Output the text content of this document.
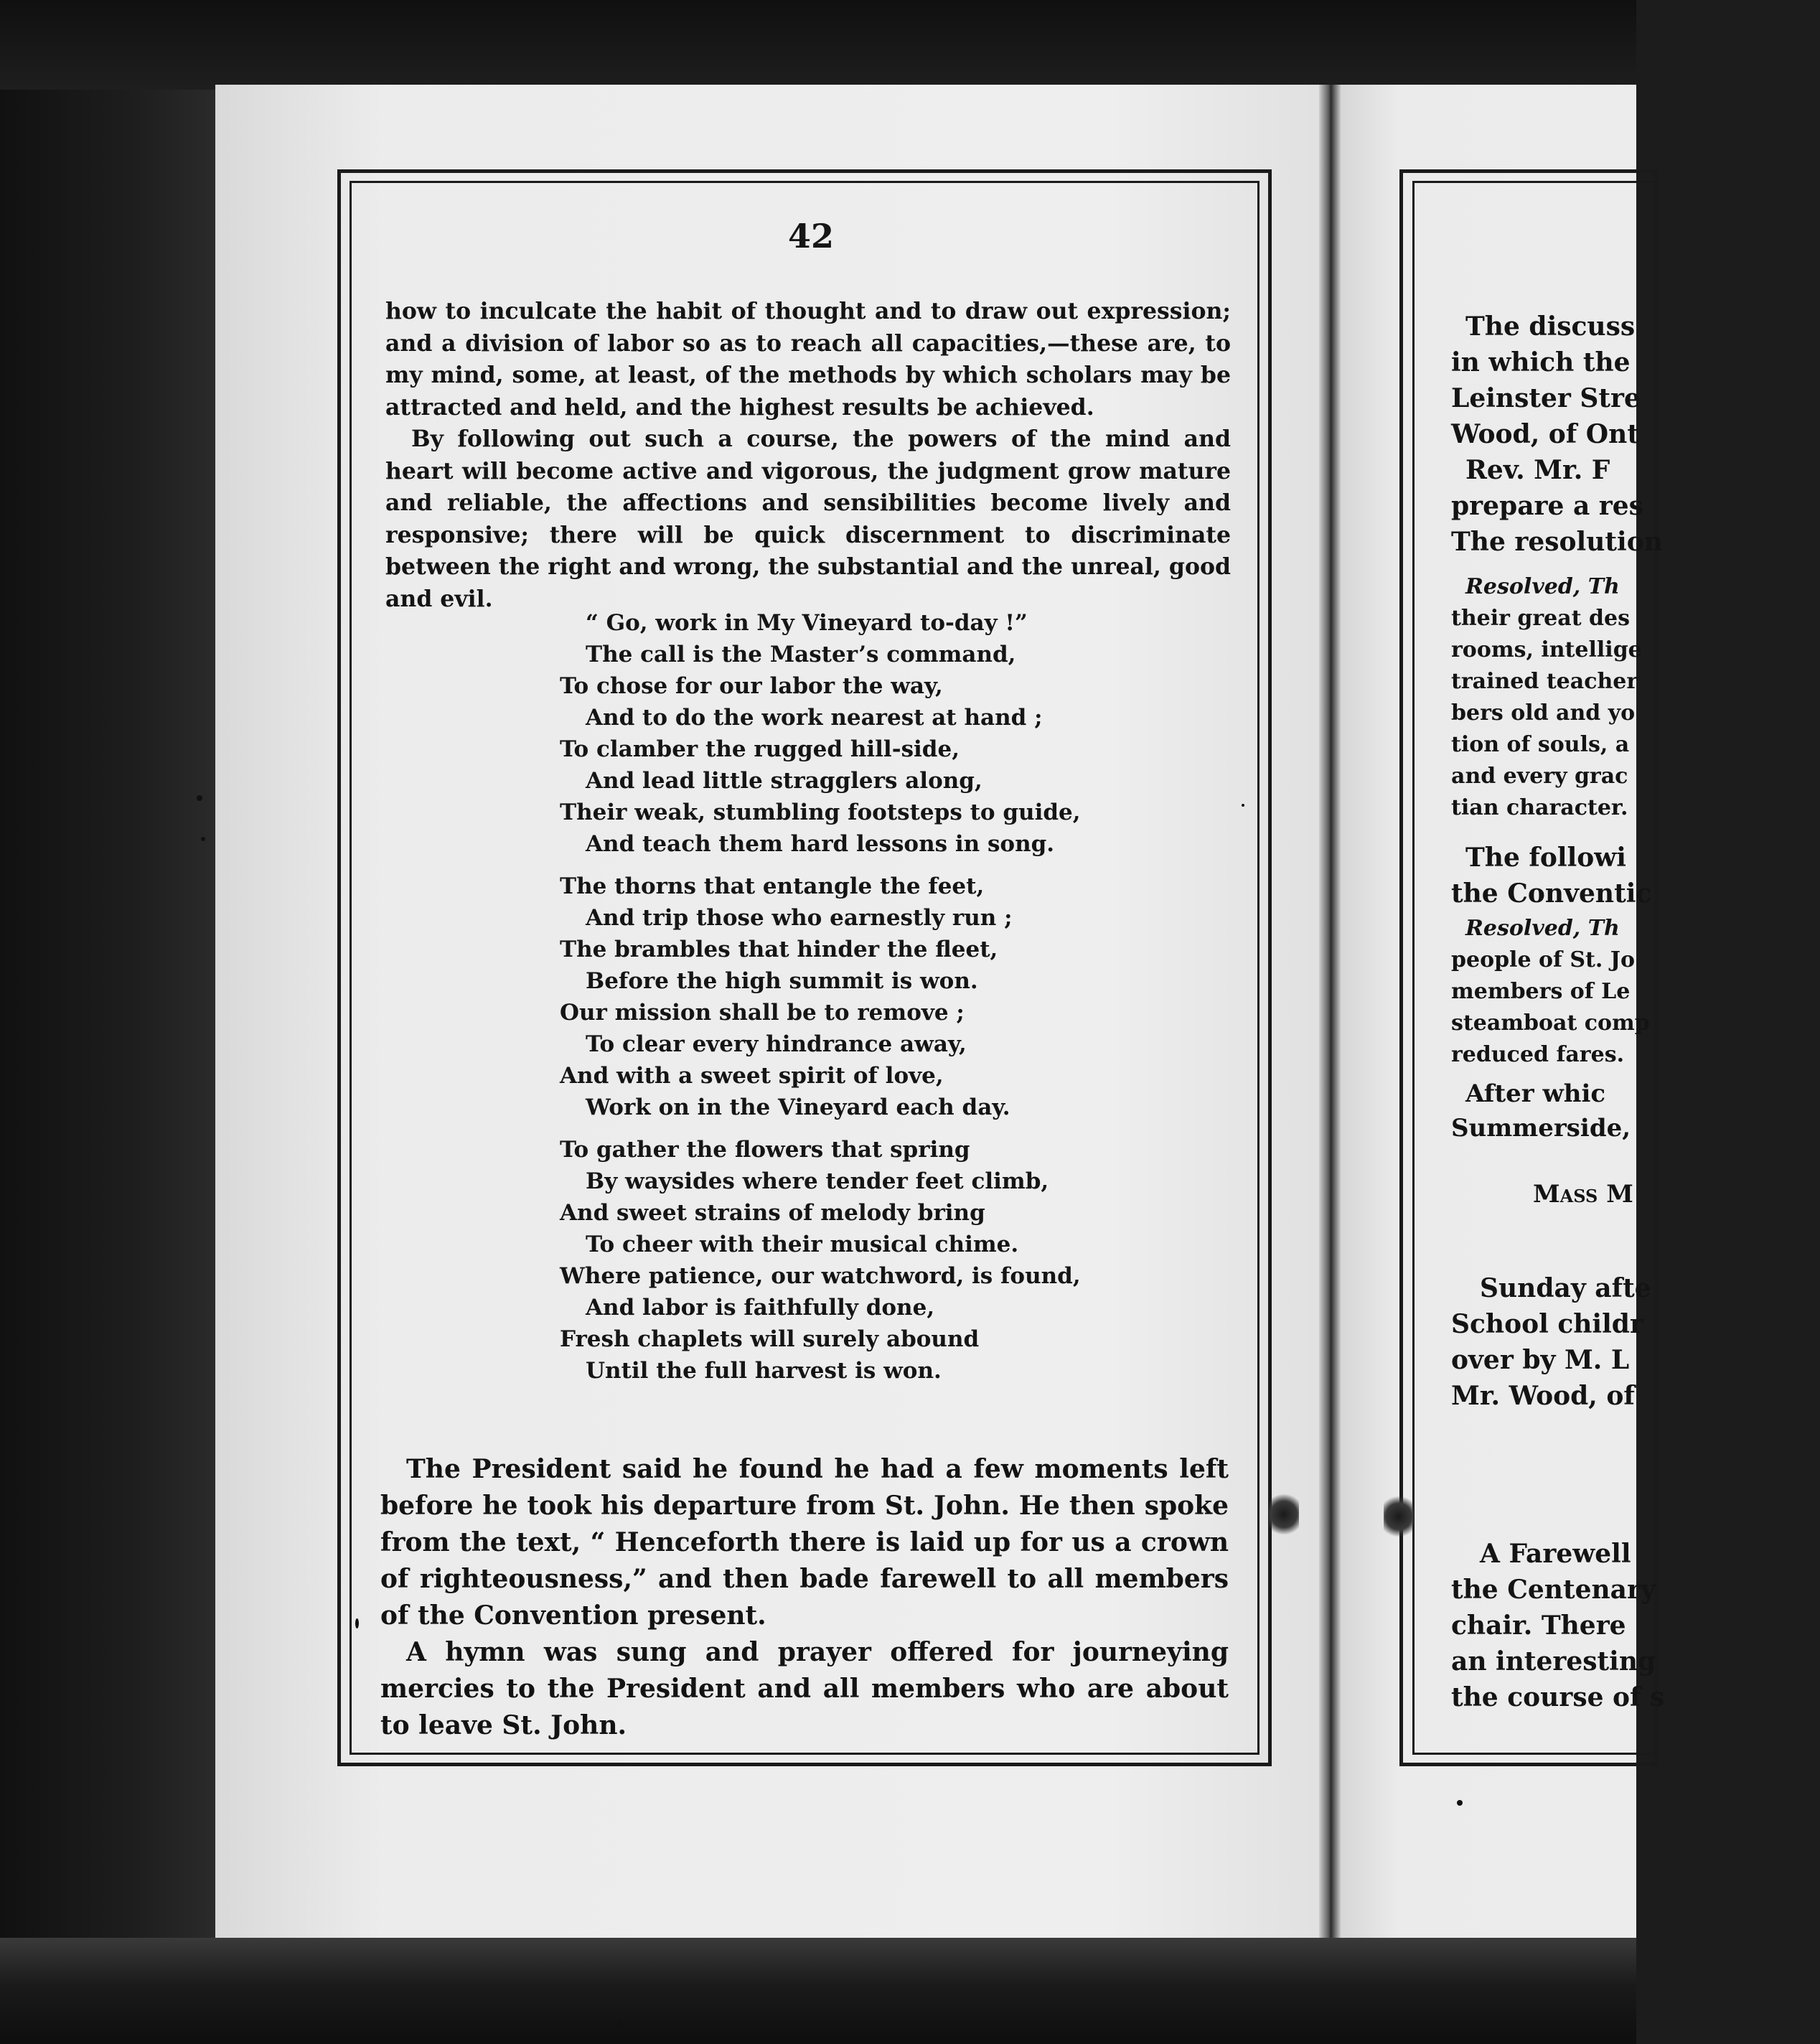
42

how to inculcate the habit of thought and to draw out expression; and a division of labor so as to reach all capacities,—these are, to my mind, some, at least, of the methods by which scholars may be attracted and held, and the highest results be achieved.

By following out such a course, the powers of the mind and heart will become active and vigorous, the judgment grow mature and reliable, the affections and sensibilities become lively and responsive; there will be quick discernment to discriminate between the right and wrong, the substantial and the unreal, good and evil.

“ Go, work in My Vineyard to-day !”
The call is the Master’s command,
To chose for our labor the way,
And to do the work nearest at hand ;
To clamber the rugged hill-side,
And lead little stragglers along,
Their weak, stumbling footsteps to guide,
And teach them hard lessons in song.
The thorns that entangle the feet,
And trip those who earnestly run ;
The brambles that hinder the fleet,
Before the high summit is won.
Our mission shall be to remove ;
To clear every hindrance away,
And with a sweet spirit of love,
Work on in the Vineyard each day.
To gather the flowers that spring
By waysides where tender feet climb,
And sweet strains of melody bring
To cheer with their musical chime.
Where patience, our watchword, is found,
And labor is faithfully done,
Fresh chaplets will surely abound
Until the full harvest is won.

The President said he found he had a few moments left before he took his departure from St. John. He then spoke from the text, “ Henceforth there is laid up for us a crown of righteousness,” and then bade farewell to all members of the Convention present.

A hymn was sung and prayer offered for journeying mercies to the President and all members who are about to leave St. John.

The discuss
in which the
Leinster Stre
Wood, of Ont
Rev. Mr. F
prepare a res
The resolution
Resolved, Th
their great des
rooms, intellige
trained teacher
bers old and yo
tion of souls, a
and every grac
tian character.
The followi
the Conventic
Resolved, Th
people of St. Jo
members of Le
steamboat comp
reduced fares.
After whic
Summerside,
Mass M
Sunday afte
School childr
over by M. L
Mr. Wood, of
A Farewell
the Centenary
chair. There
an interesting
the course of s
